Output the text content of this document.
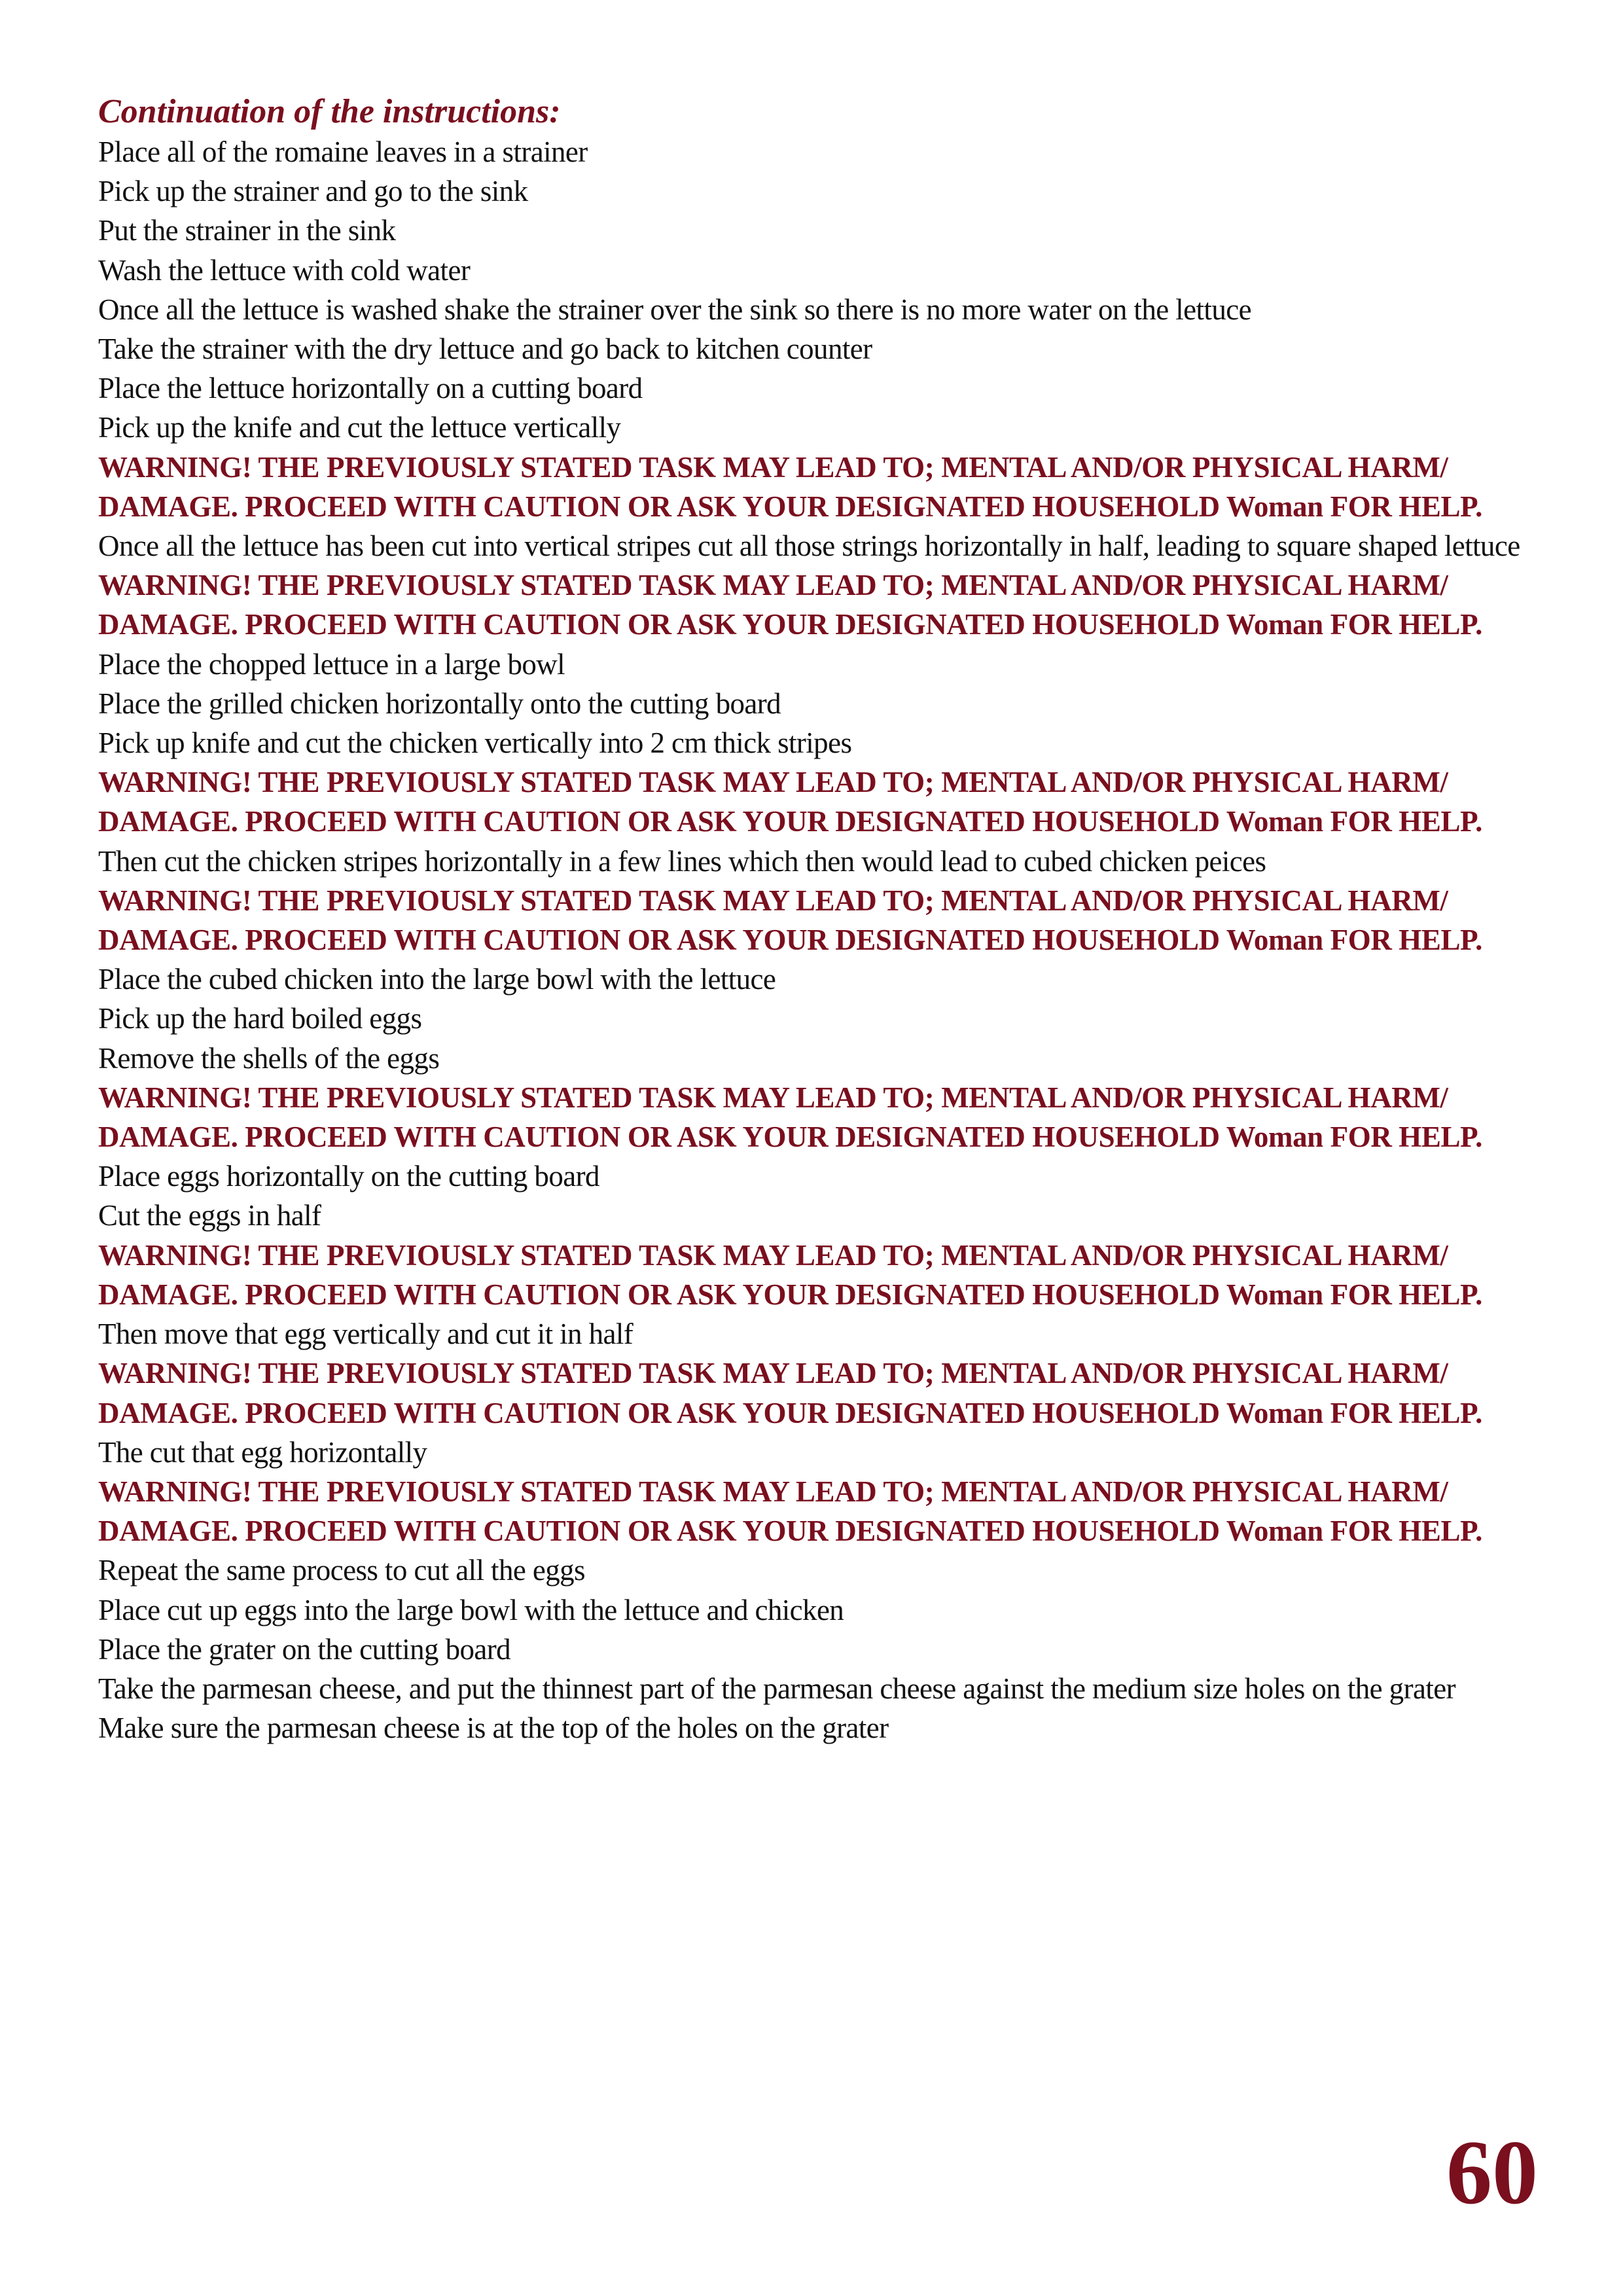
Continuation of the instructions:

Place all of the romaine leaves in a strainer

Pick up the strainer and go to the sink

Put the strainer in the sink

Wash the lettuce with cold water

Once all the lettuce is washed shake the strainer over the sink so there is no more water on the lettuce

Take the strainer with the dry lettuce and go back to kitchen counter

Place the lettuce horizontally on a cutting board

Pick up the knife and cut the lettuce vertically

WARNING! THE PREVIOUSLY STATED TASK MAY LEAD TO; MENTAL AND/OR PHYSICAL HARM/ DAMAGE. PROCEED WITH CAUTION OR ASK YOUR DESIGNATED HOUSEHOLD Woman FOR HELP.

Once all the lettuce has been cut into vertical stripes cut all those strings horizontally in half, leading to square shaped lettuce

WARNING! THE PREVIOUSLY STATED TASK MAY LEAD TO; MENTAL AND/OR PHYSICAL HARM/ DAMAGE. PROCEED WITH CAUTION OR ASK YOUR DESIGNATED HOUSEHOLD Woman FOR HELP.

Place the chopped lettuce in a large bowl

Place the grilled chicken horizontally onto the cutting board

Pick up knife and cut the chicken vertically into 2 cm thick stripes

WARNING! THE PREVIOUSLY STATED TASK MAY LEAD TO; MENTAL AND/OR PHYSICAL HARM/ DAMAGE. PROCEED WITH CAUTION OR ASK YOUR DESIGNATED HOUSEHOLD Woman FOR HELP.

Then cut the chicken stripes horizontally in a few lines which then would lead to cubed chicken peices

WARNING! THE PREVIOUSLY STATED TASK MAY LEAD TO; MENTAL AND/OR PHYSICAL HARM/ DAMAGE. PROCEED WITH CAUTION OR ASK YOUR DESIGNATED HOUSEHOLD Woman FOR HELP.

Place the cubed chicken into the large bowl with the lettuce

Pick up the hard boiled eggs

Remove the shells of the eggs

WARNING! THE PREVIOUSLY STATED TASK MAY LEAD TO; MENTAL AND/OR PHYSICAL HARM/ DAMAGE. PROCEED WITH CAUTION OR ASK YOUR DESIGNATED HOUSEHOLD Woman FOR HELP.

Place eggs horizontally on the cutting board

Cut the eggs in half

WARNING! THE PREVIOUSLY STATED TASK MAY LEAD TO; MENTAL AND/OR PHYSICAL HARM/ DAMAGE. PROCEED WITH CAUTION OR ASK YOUR DESIGNATED HOUSEHOLD Woman FOR HELP.

Then move that egg vertically and cut it in half

WARNING! THE PREVIOUSLY STATED TASK MAY LEAD TO; MENTAL AND/OR PHYSICAL HARM/ DAMAGE. PROCEED WITH CAUTION OR ASK YOUR DESIGNATED HOUSEHOLD Woman FOR HELP.

The cut that egg horizontally

WARNING! THE PREVIOUSLY STATED TASK MAY LEAD TO; MENTAL AND/OR PHYSICAL HARM/ DAMAGE. PROCEED WITH CAUTION OR ASK YOUR DESIGNATED HOUSEHOLD Woman FOR HELP.

Repeat the same process to cut all the eggs

Place cut up eggs into the large bowl with the lettuce and chicken

Place the grater on the cutting board

Take the parmesan cheese, and put the thinnest part of the parmesan cheese against the medium size holes on the grater

Make sure the parmesan cheese is at the top of the holes on the grater

60
